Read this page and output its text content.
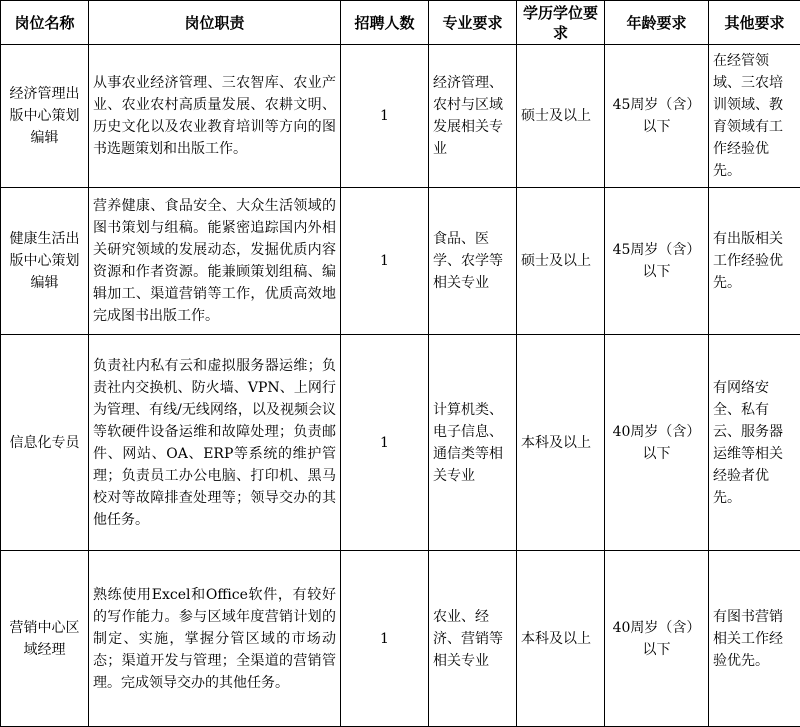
岗位名称	岗位职责	招聘人数	专业要求	学历学位要求	年龄要求	其他要求
经济管理出版中心策划编辑	从事农业经济管理、三农智库、农业产业、农业农村高质量发展、农耕文明、历史文化以及农业教育培训等方向的图书选题策划和出版工作。	1	经济管理、农村与区域发展相关专业	硕士及以上	45周岁（含）以下	在经管领域、三农培训领域、教育领域有工作经验优先。
健康生活出版中心策划编辑	营养健康、食品安全、大众生活领域的图书策划与组稿。能紧密追踪国内外相关研究领域的发展动态，发掘优质内容资源和作者资源。能兼顾策划组稿、编辑加工、渠道营销等工作，优质高效地完成图书出版工作。	1	食品、医学、农学等相关专业	硕士及以上	45周岁（含）以下	有出版相关工作经验优先。
信息化专员	负责社内私有云和虚拟服务器运维；负责社内交换机、防火墙、VPN、上网行为管理、有线/无线网络，以及视频会议等软硬件设备运维和故障处理；负责邮件、网站、OA、ERP等系统的维护管理；负责员工办公电脑、打印机、黑马校对等故障排查处理等；领导交办的其他任务。	1	计算机类、电子信息、通信类等相关专业	本科及以上	40周岁（含）以下	有网络安全、私有云、服务器运维等相关经验者优先。
营销中心区域经理	熟练使用Excel和Office软件，有较好的写作能力。参与区域年度营销计划的制定、实施，掌握分管区域的市场动态；渠道开发与管理；全渠道的营销管理。完成领导交办的其他任务。	1	农业、经济、营销等相关专业	本科及以上	40周岁（含）以下	有图书营销相关工作经验优先。
